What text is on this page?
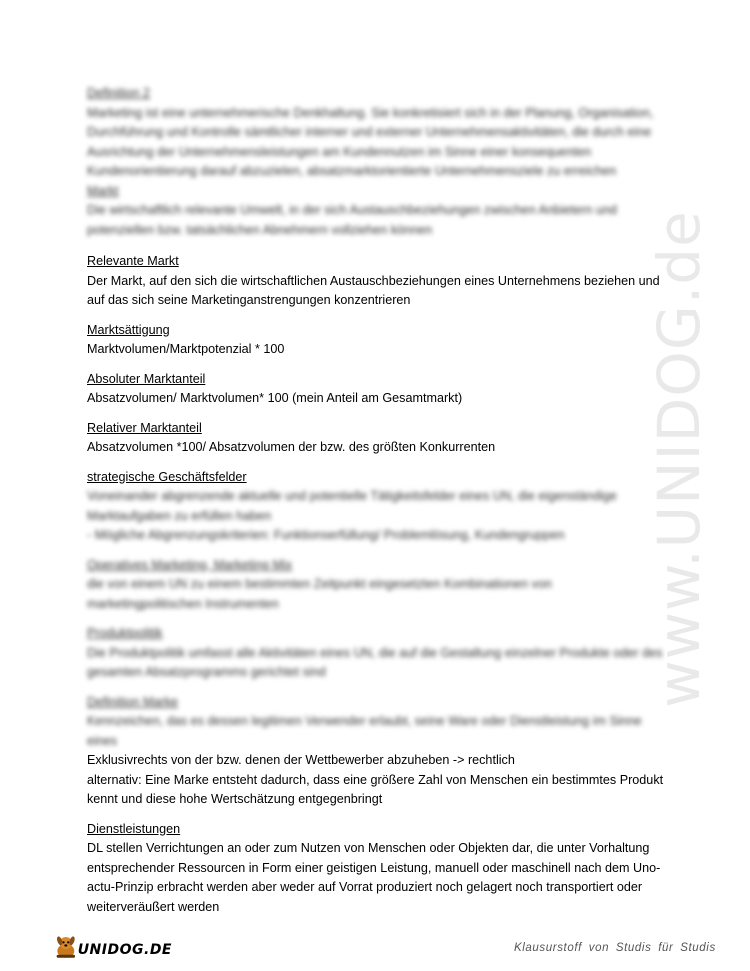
www.UNIDOG.de

Definition 2

Marketing ist eine unternehmerische Denkhaltung. Sie konkretisiert sich in der Planung, Organisation, Durchführung und Kontrolle sämtlicher interner und externer Unternehmensaktivitäten, die durch eine Ausrichtung der Unternehmensleistungen am Kundennutzen im Sinne einer konsequenten Kundenorientierung darauf abzuzielen, absatzmarktorientierte Unternehmensziele zu erreichen

Markt

Die wirtschaftlich relevante Umwelt, in der sich Austauschbeziehungen zwischen Anbietern und potenziellen bzw. tatsächlichen Abnehmern vollziehen können

Relevante Markt

Der Markt, auf den sich die wirtschaftlichen Austauschbeziehungen eines Unternehmens beziehen und auf das sich seine Marketinganstrengungen konzentrieren

Marktsättigung

Marktvolumen/Marktpotenzial * 100

Absoluter Marktanteil

Absatzvolumen/ Marktvolumen* 100 (mein Anteil am Gesamtmarkt)

Relativer Marktanteil

Absatzvolumen *100/ Absatzvolumen der bzw. des größten Konkurrenten

strategische Geschäftsfelder

Voneinander abgrenzende aktuelle und potentielle Tätigkeitsfelder eines UN, die eigenständige Marktaufgaben zu erfüllen haben

- Mögliche Abgrenzungskriterien: Funktionserfüllung/ Problemlösung, Kundengruppen

Operatives Marketing, Marketing Mix

die von einem UN zu einem bestimmten Zeitpunkt eingesetzten Kombinationen von marketingpolitischen Instrumenten

Produktpolitik

Die Produktpolitik umfasst alle Aktivitäten eines UN, die auf die Gestaltung einzelner Produkte oder des gesamten Absatzprogramms gerichtet sind

Definition Marke

Kennzeichen, das es dessen legitimen Verwender erlaubt, seine Ware oder Dienstleistung im Sinne eines

Exklusivrechts von der bzw. denen der Wettbewerber abzuheben -> rechtlich

alternativ: Eine Marke entsteht dadurch, dass eine größere Zahl von Menschen ein bestimmtes Produkt kennt und diese hohe Wertschätzung entgegenbringt

Dienstleistungen

DL stellen Verrichtungen an oder zum Nutzen von Menschen oder Objekten dar, die unter Vorhaltung entsprechender Ressourcen in Form einer geistigen Leistung, manuell oder maschinell nach dem Uno-actu-Prinzip erbracht werden aber weder auf Vorrat produziert noch gelagert noch transportiert oder weiterveräußert werden

UNIDOG.DE	Klausurstoff von Studis für Studis
